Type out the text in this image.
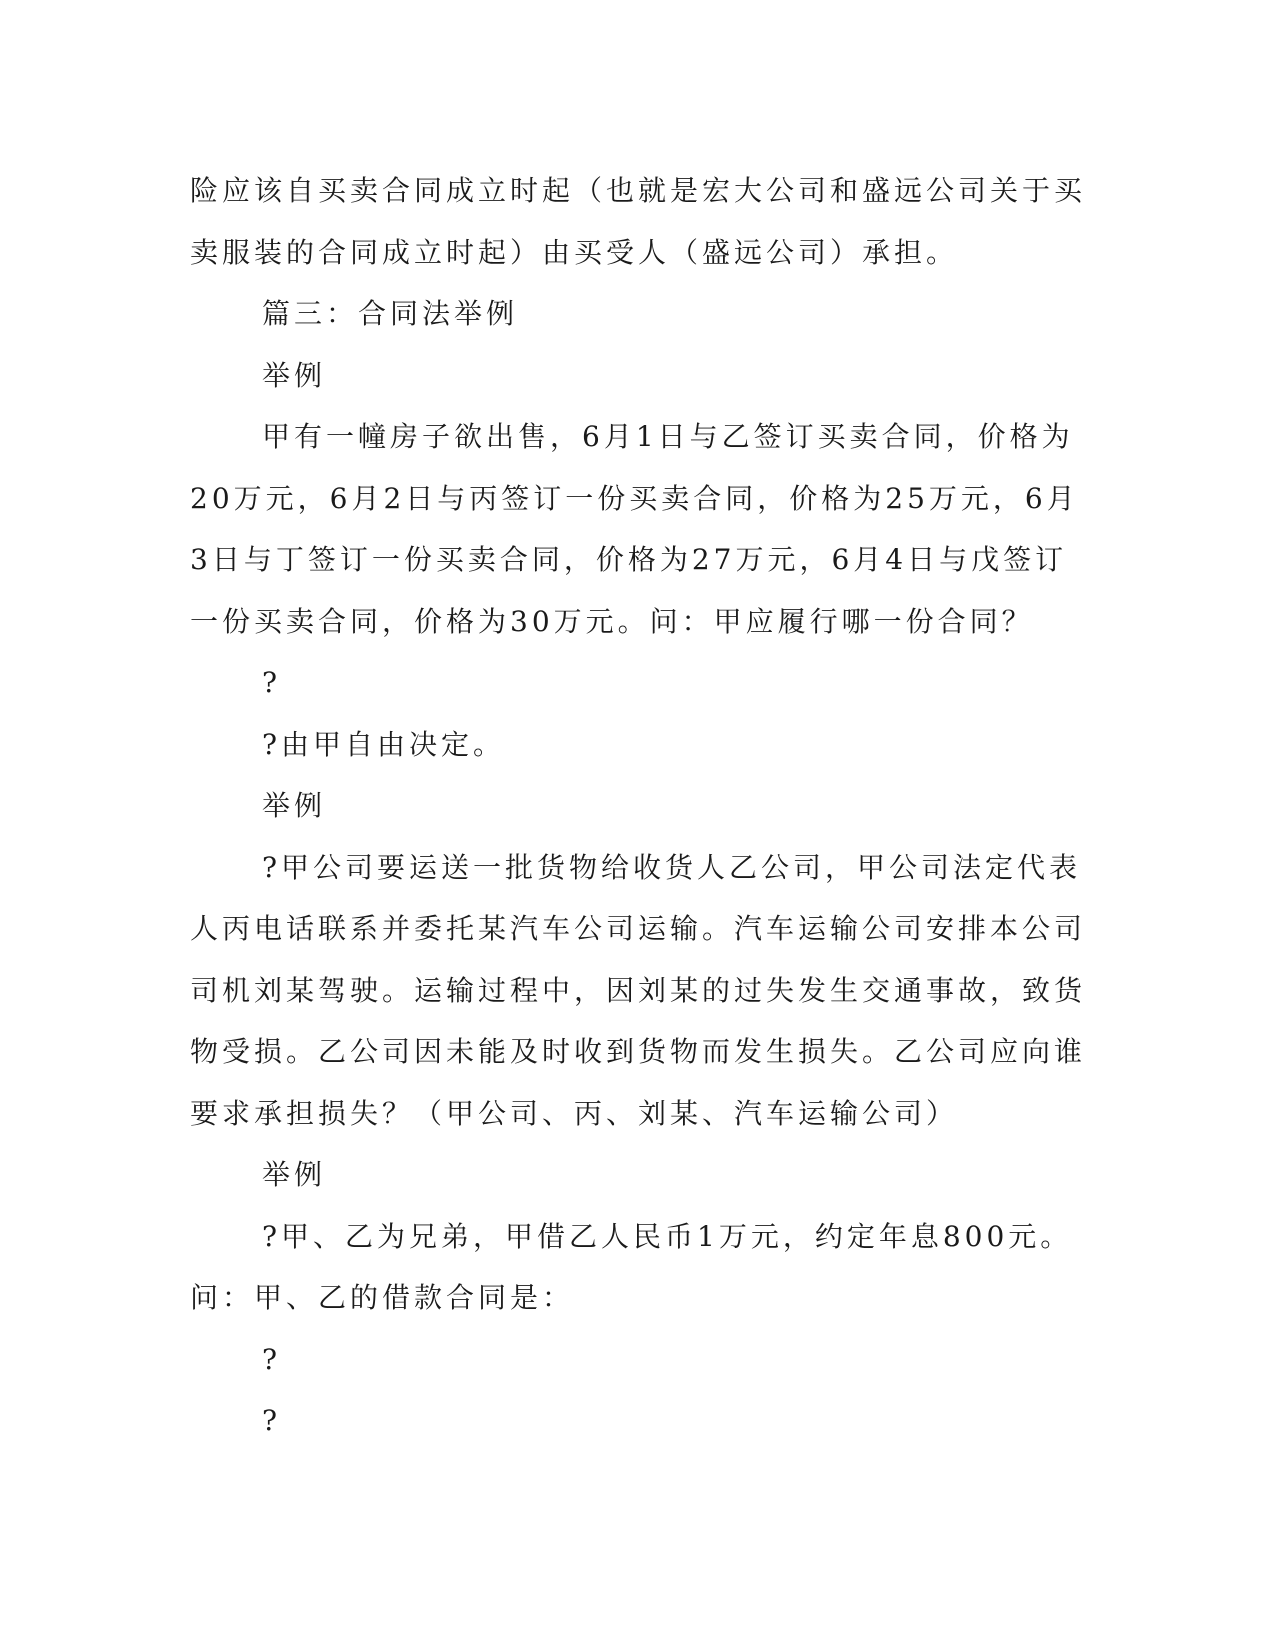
险应该自买卖合同成立时起（也就是宏大公司和盛远公司关于买卖服装的合同成立时起）由买受人（盛远公司）承担。

篇三：合同法举例

举例

甲有一幢房子欲出售，6月1日与乙签订买卖合同，价格为20万元，6月2日与丙签订一份买卖合同，价格为25万元，6月3日与丁签订一份买卖合同，价格为27万元，6月4日与戊签订一份买卖合同，价格为30万元。问：甲应履行哪一份合同？

?

?由甲自由决定。

举例

?甲公司要运送一批货物给收货人乙公司，甲公司法定代表人丙电话联系并委托某汽车公司运输。汽车运输公司安排本公司司机刘某驾驶。运输过程中，因刘某的过失发生交通事故，致货物受损。乙公司因未能及时收到货物而发生损失。乙公司应向谁要求承担损失？（甲公司、丙、刘某、汽车运输公司）

举例

?甲、乙为兄弟，甲借乙人民币1万元，约定年息800元。问：甲、乙的借款合同是：

?

?
